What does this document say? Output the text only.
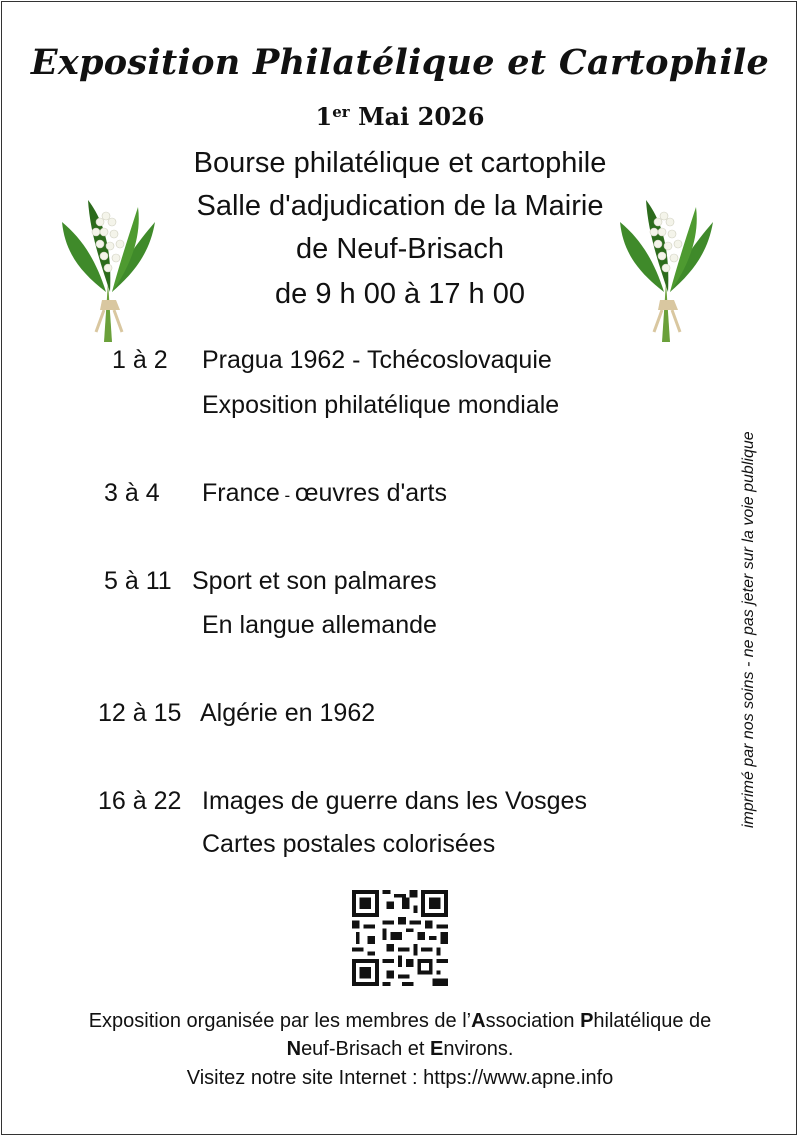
Exposition Philatélique et Cartophile
1er Mai 2026
Bourse philatélique et cartophile
Salle d'adjudication de la Mairie
de Neuf-Brisach
de 9 h 00 à 17 h 00
1 à 2 Pragua 1962 - Tchécoslovaquie
Exposition philatélique mondiale
3 à 4 France - œuvres d'arts
5 à 11 Sport et son palmares
En langue allemande
12 à 15 Algérie en 1962
16 à 22 Images de guerre dans les Vosges
Cartes postales colorisées
imprimé par nos soins - ne pas jeter sur la voie publique
Exposition organisée par les membres de l’Association Philatélique de
Neuf-Brisach et Environs.
Visitez notre site Internet : https://www.apne.info
